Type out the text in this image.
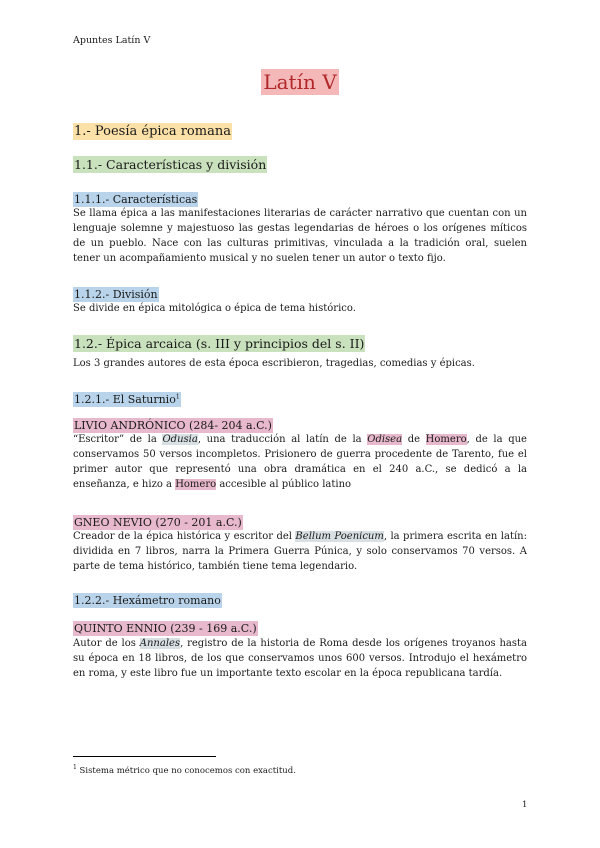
Apuntes Latín V
Latín V
1.- Poesía épica romana
1.1.- Características y división
1.1.1.- Características
Se llama épica a las manifestaciones literarias de carácter narrativo que cuentan con un lenguaje solemne y majestuoso las gestas legendarias de héroes o los orígenes míticos de un pueblo. Nace con las culturas primitivas, vinculada a la tradición oral, suelen tener un acompañamiento musical y no suelen tener un autor o texto fijo.
1.1.2.- División
Se divide en épica mitológica o épica de tema histórico.
1.2.- Épica arcaica (s. III y principios del s. II)
Los 3 grandes autores de esta época escribieron, tragedias, comedias y épicas.
1.2.1.- El Saturnio$^1$
LIVIO ANDRÓNICO (284- 204 a.C.)
“Escritor” de la Odusia, una traducción al latín de la Odisea de Homero, de la que conservamos 50 versos incompletos. Prisionero de guerra procedente de Tarento, fue el primer autor que representó una obra dramática en el 240 a.C., se dedicó a la enseñanza, e hizo a Homero accesible al público latino
GNEO NEVIO (270 - 201 a.C.)
Creador de la épica histórica y escritor del Bellum Poenicum, la primera escrita en latín: dividida en 7 libros, narra la Primera Guerra Púnica, y solo conservamos 70 versos. A parte de tema histórico, también tiene tema legendario.
1.2.2.- Hexámetro romano
QUINTO ENNIO (239 - 169 a.C.)
Autor de los Annales, registro de la historia de Roma desde los orígenes troyanos hasta su época en 18 libros, de los que conservamos unos 600 versos. Introdujo el hexámetro en roma, y este libro fue un importante texto escolar en la época republicana tardía.
$^1$ Sistema métrico que no conocemos con exactitud.
1
